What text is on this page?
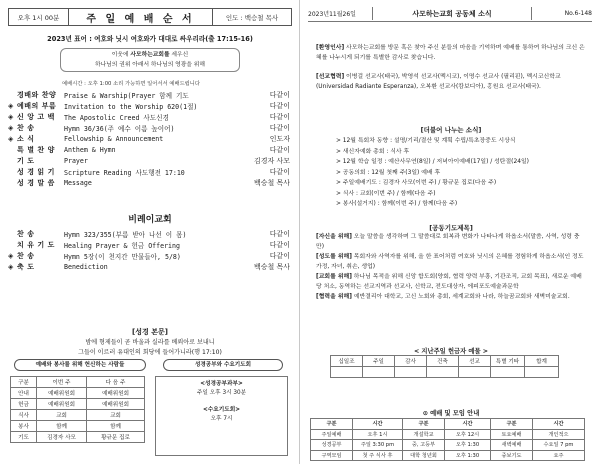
오후 1시 00분	주 일 예 배 순 서	인도 : 백승철 목사
2023년 표어 : 여호와 닛시 여호와가 대대로 싸우리라(출 17:15-16)
이웃에 사모하는교회를 세우신
하나님의 권위 아래서 하나님의 영광을 위해
예배시간 : 오후 1:00 소리 가능하면 일어서서 예배드립니다
경배와 찬양	Praise & Warship(Prayer 함께 기도	다같이
◈ 예배의 부름	Invitation to the Worship 620(1절)	다같이
◈ 신 앙 고 백	The Apostolic Creed 사도신경	다같이
◈ 찬 송	Hymn 36/36(주 예수 이름 높이어)	다같이
◈ 소 식	Fellowship & Announcement	인도자
특 별 찬 양	Anthem & Hymn	다같이
기 도	Prayer	김경자 사모
성 경 읽 기	Scripture Reading 사도행전 17:10	다같이
성 경 말 씀	Message	백승철 목사
비례이교회
찬 송	Hymn 323/355(부름 받아 나선 이 몸)	다같이
치 유 기 도	Healing Prayer & 헌금 Offering	다같이
◈ 찬 송	Hymn 5장(이 천지간 만물들아, 5/8)	다같이
◈ 축 도	Benediction	백승철 목사
[성경 본문]
밤에 형제들이 곧 바울과 실라를 베뢰아로 보내니
그들이 이르러 유대인의 회당에 들어가니라(행 17:10)
예배와 봉사를 위해 헌신하는 사람들	성경공부와 수요기도회
구분	이번 주	다 음 주
안내	예배위원회	예배위원회
헌금	예배위원회	예배위원회
식사	교회	교회
봉사	함께	함께
기도	김경자 사모	황규문 집로
<성경공부과부>
주일 오후 3시 30분
<수요기도회>
오후 7시
2023년11월26일	사모하는교회 공동체 소식	No.6-148

[환영인사] 사모하는교회를 방문 혹은 찾아 주신 분들의 마음을 기억하며 예배를 통하여 하나님의 크신 은혜를 나누시게 되기를 특별한 감사로 찾습니다.

[선교협력] 이병걸 선교사(태국), 박영석 선교사(멕시코), 이명수 선교사 (필리핀), 멕시코신학교(Universidad Radiante Esperanza), 오복환 선교사(캄보디아), 홍원요 선교사(태국).

[더불어 나누는 소식]
> 12월 특회차 동향 : 설명/기리/결산 및 계획 수립/특초장중도 시상식
> 새신자예화 총회 : 식사 후
> 12월 학습 일정 : 예산사무연(8일) / 저녁아이예배(17일) / 성탄절(24일)
> 공동의회 : 12월 첫째 주(3일) 예배 후
> 주일예배기도 : 김경자 사모(이번 주) / 황규문 집로(다음 주)
> 식사 : 교회(이번 주) / 함께(다음 주)
> 봉사(설거지) : 함께(이번 주) / 함께(다음 주)
[공동기도제목]

[자신을 위해] 오늘 말씀을 생각하며 그 말씀대로 회복과 변화가 나타나게 하옵소서(말씀, 사역, 성령 충만)

[성도를 위해] 목회자와 사역자를 위해, 올 한 표어처럼 여호와 닛시의 은혜를 경험하게 하옵소서(인 정도 가정, 자녀, 취손, 생업)

[교회를 위해] 하나님 목적을 위해 신앙 합도회(양회, 협력 양력 부흥, 기관조직, 교회 목표), 새로운 예배당 처소, 동역하는 선교지역과 선교사, 신학교, 전도대상자, 에피포도예술과문학

[협력을 위해] 예반결리아 대학교, 고신 노회와 총회, 세계교회와 나라, 하늘꿈교회와 새벽미술교회.

< 지난주일 헌금자 예물 >
십일조	주일	감사	건축	선교	특별 기타	합계

⊙ 예배 및 모임 안내
구분	시간	구분	시간	구분	시간
주일예배	오후 1시	개설학교	오후 12시	토요예배	개인적으
성경공부	주일 3:30 pm	중, 고등부	오후 1:30	새벽예배	수요일 7 pm
구역모임	첫 주 식사 후	대학 청년회	오후 1:30	중보기도	요주
